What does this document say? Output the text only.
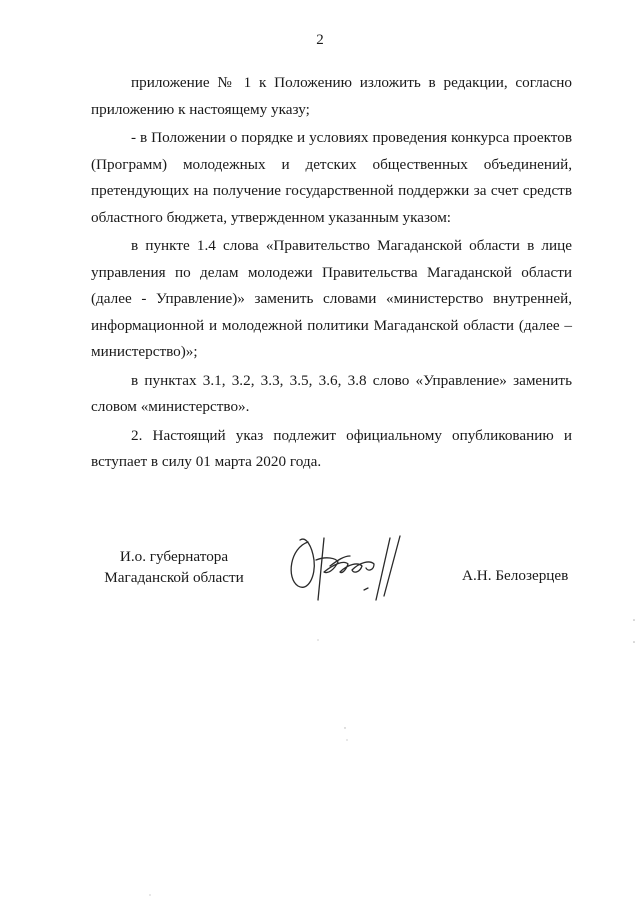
2

приложение № 1 к Положению изложить в редакции, согласно приложению к настоящему указу;

- в Положении о порядке и условиях проведения конкурса проектов (Программ) молодежных и детских общественных объединений, претендующих на получение государственной поддержки за счет средств областного бюджета, утвержденном указанным указом:

в пункте 1.4 слова «Правительство Магаданской области в лице управления по делам молодежи Правительства Магаданской области (далее - Управление)» заменить словами «министерство внутренней, информационной и молодежной политики Магаданской области (далее – министерство)»;

в пунктах 3.1, 3.2, 3.3, 3.5, 3.6, 3.8 слово «Управление» заменить словом «министерство».

2. Настоящий указ подлежит официальному опубликованию и вступает в силу 01 марта 2020 года.

И.о. губернатора
Магаданской области	А.Н. Белозерцев
